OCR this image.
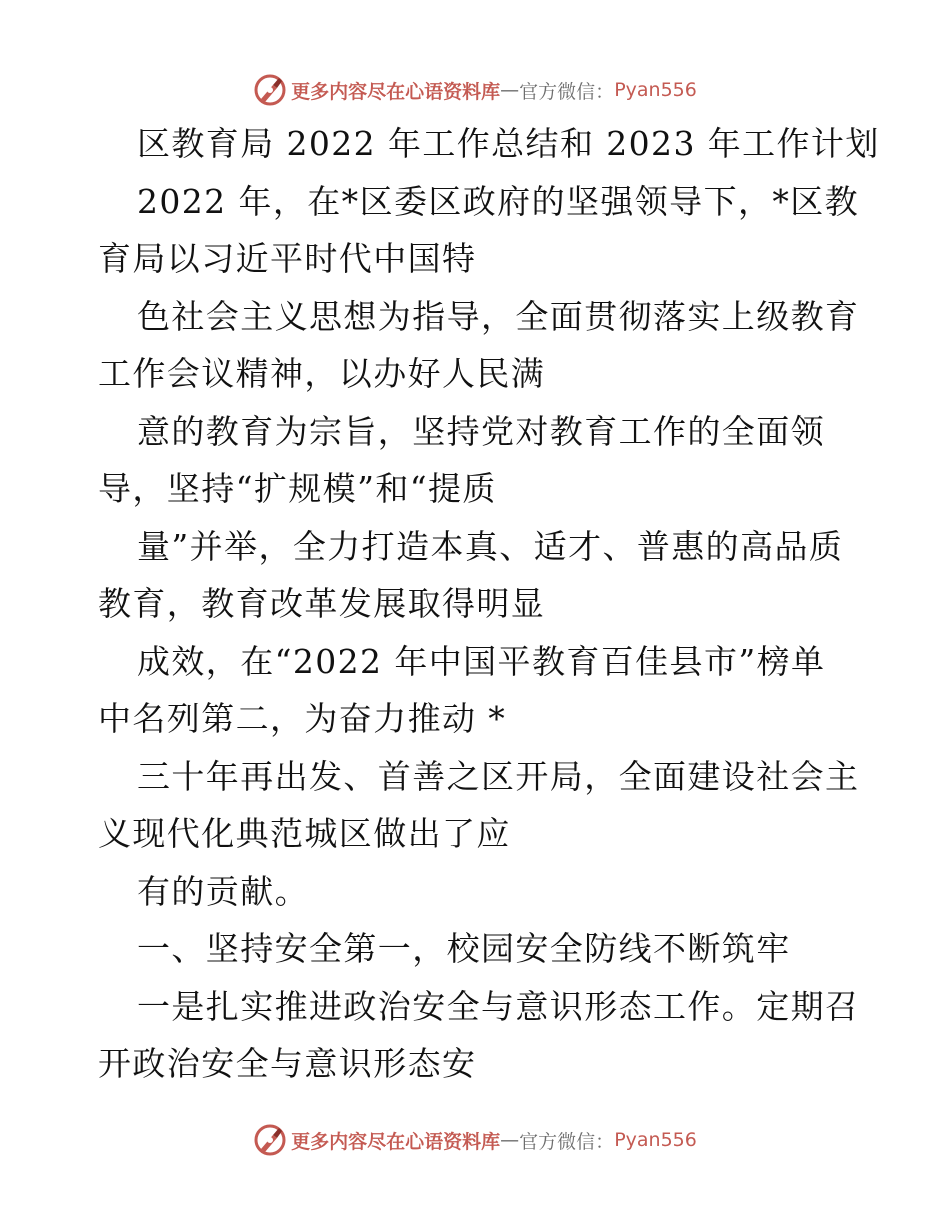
更多内容尽在心语资料库 — 官方微信： Pyan556
区教育局 2022 年工作总结和 2023 年工作计划
2022 年，在*区委区政府的坚强领导下，*区教
育局以习近平时代中国特
色社会主义思想为指导，全面贯彻落实上级教育
工作会议精神，以办好人民满
意的教育为宗旨，坚持党对教育工作的全面领
导，坚持“扩规模”和“提质
量”并举，全力打造本真、适才、普惠的高品质
教育，教育改革发展取得明显
成效，在“2022 年中国平教育百佳县市”榜单
中名列第二，为奋力推动 *
三十年再出发、首善之区开局，全面建设社会主
义现代化典范城区做出了应
有的贡献。
一、坚持安全第一，校园安全防线不断筑牢
一是扎实推进政治安全与意识形态工作。定期召
开政治安全与意识形态安
更多内容尽在心语资料库 — 官方微信： Pyan556
